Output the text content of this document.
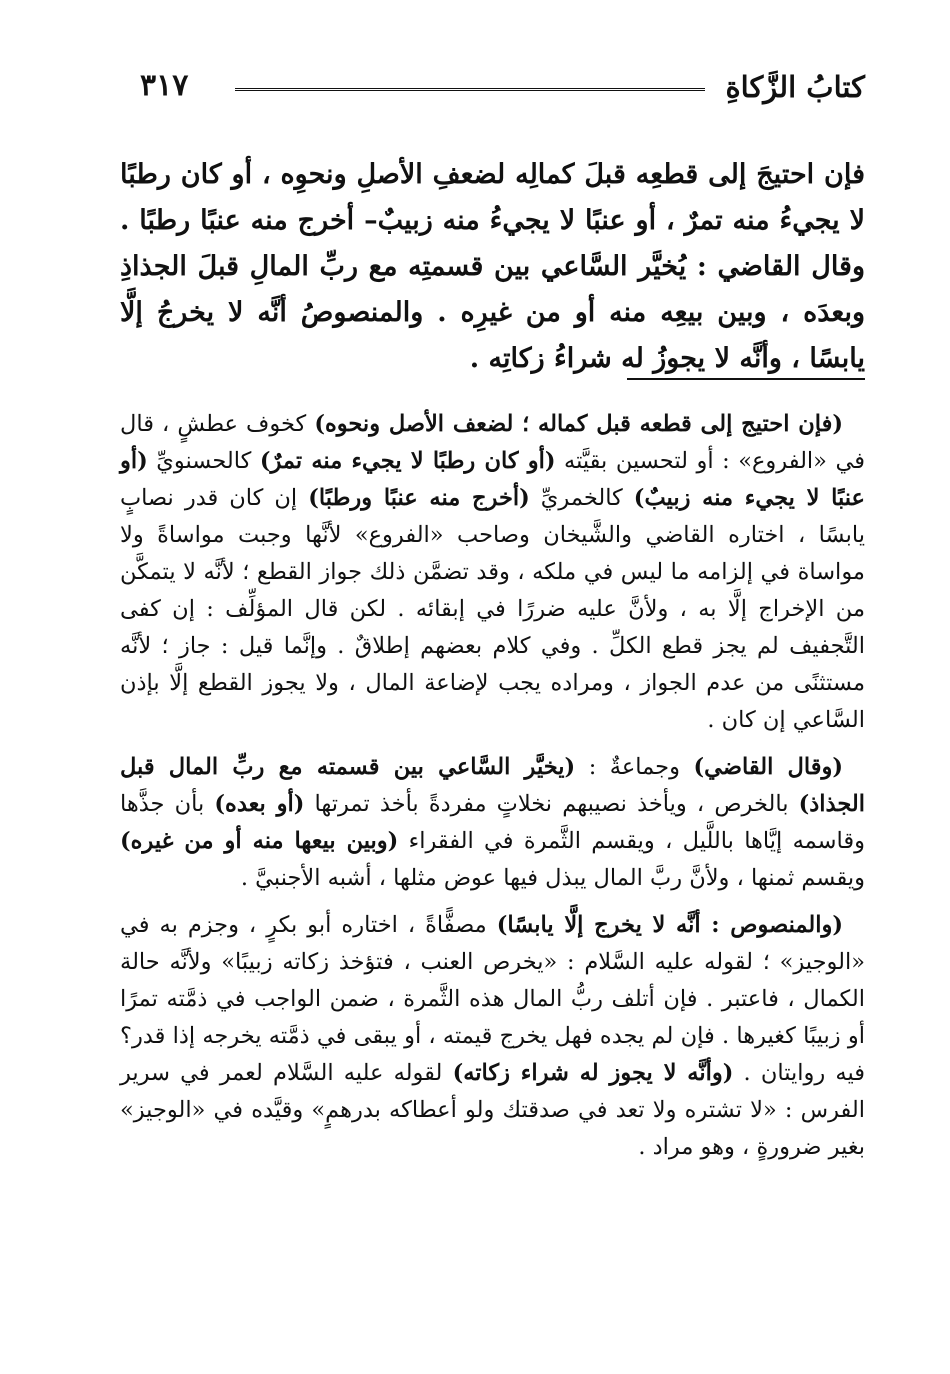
٣١٧	كتابُ الزَّكاةِ
فإن احتيجَ إلى قطعِه قبلَ كمالِه لضعفِ الأصلِ ونحوِه ، أو كان رطبًا لا يجيءُ منه تمرٌ ، أو عنبًا لا يجيءُ منه زبيبٌ– أخرج منه عنبًا رطبًا . وقال القاضي : يُخيَّر السَّاعي بين قسمتِه مع ربِّ المالِ قبلَ الجذاذِ وبعدَه ، وبين بيعِه منه أو من غيرِه . والمنصوصُ أنَّه لا يخرجُ إلَّا يابسًا ، وأنَّه لا يجوزُ له شراءُ زكاتِه .

(فإن احتيج إلى قطعه قبل كماله ؛ لضعف الأصل ونحوه) كخوف عطشٍ ، قال في «الفروع» : أو لتحسين بقيَّته (أو كان رطبًا لا يجيء منه تمرٌ) كالحسنويِّ (أو عنبًا لا يجيء منه زبيبٌ) كالخمريِّ (أخرج منه عنبًا ورطبًا) إن كان قدر نصابٍ يابسًا ، اختاره القاضي والشَّيخان وصاحب «الفروع» لأنَّها وجبت مواساةً ولا مواساة في إلزامه ما ليس في ملكه ، وقد تضمَّن ذلك جواز القطع ؛ لأنَّه لا يتمكَّن من الإخراج إلَّا به ، ولأنَّ عليه ضررًا في إبقائه . لكن قال المؤلِّف : إن كفى التَّجفيف لم يجز قطع الكلِّ . وفي كلام بعضهم إطلاقٌ . وإنَّما قيل : جاز ؛ لأنَّه مستثنًى من عدم الجواز ، ومراده يجب لإضاعة المال ، ولا يجوز القطع إلَّا بإذن السَّاعي إن كان .

(وقال القاضي) وجماعةٌ : (يخيَّر السَّاعي بين قسمته مع ربِّ المال قبل الجذاذ) بالخرص ، ويأخذ نصيبهم نخلاتٍ مفردةً بأخذ تمرتها (أو بعده) بأن جذَّها وقاسمه إيَّاها باللَّيل ، ويقسم الثَّمرة في الفقراء (وبين بيعها منه أو من غيره) ويقسم ثمنها ، ولأنَّ ربَّ المال يبذل فيها عوض مثلها ، أشبه الأجنبيَّ .

(والمنصوص : أنَّه لا يخرج إلَّا يابسًا) مصفًّاةً ، اختاره أبو بكرٍ ، وجزم به في «الوجيز» ؛ لقوله عليه السَّلام : «يخرص العنب ، فتؤخذ زكاته زبيبًا» ولأنَّه حالة الكمال ، فاعتبر . فإن أتلف ربُّ المال هذه الثَّمرة ، ضمن الواجب في ذمَّته تمرًا أو زبيبًا كغيرها . فإن لم يجده فهل يخرج قيمته ، أو يبقى في ذمَّته يخرجه إذا قدر؟ فيه روايتان . (وأنَّه لا يجوز له شراء زكاته) لقوله عليه السَّلام لعمر في سرير الفرس : «لا تشتره ولا تعد في صدقتك ولو أعطاكه بدرهمٍ» وقيَّده في «الوجيز» بغير ضرورةٍ ، وهو مراد .
